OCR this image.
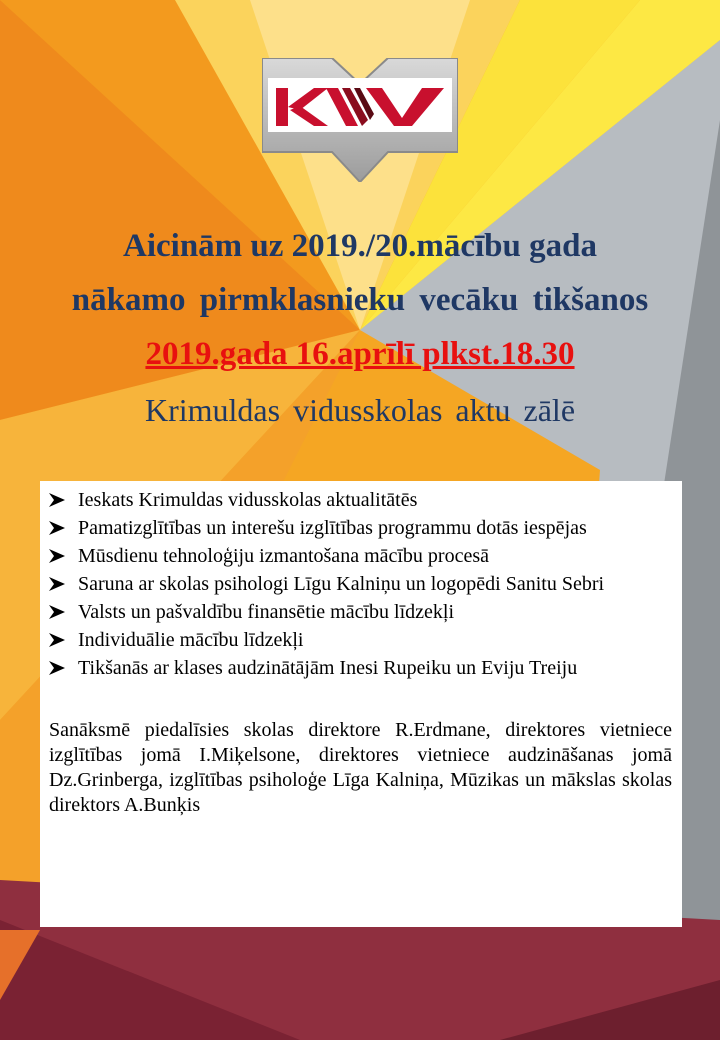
Aicinām uz 2019./20.mācību gada
nākamo pirmklasnieku vecāku tikšanos
2019.gada 16.aprīlī plkst.18.30
Krimuldas vidusskolas aktu zālē
Ieskats Krimuldas vidusskolas aktualitātēs
Pamatizglītības un interešu izglītības programmu dotās iespējas
Mūsdienu tehnoloģiju izmantošana mācību procesā
Saruna ar skolas psihologi Līgu Kalniņu un logopēdi Sanitu Sebri
Valsts un pašvaldību finansētie mācību līdzekļi
Individuālie mācību līdzekļi
Tikšanās ar klases audzinātājām Inesi Rupeiku un Eviju Treiju

Sanāksmē piedalīsies skolas direktore R.Erdmane, direktores vietniece izglītības jomā I.Miķelsone, direktores vietniece audzināšanas jomā Dz.Grinberga, izglītības psiholoģe Līga Kalniņa, Mūzikas un mākslas skolas direktors A.Bunķis
